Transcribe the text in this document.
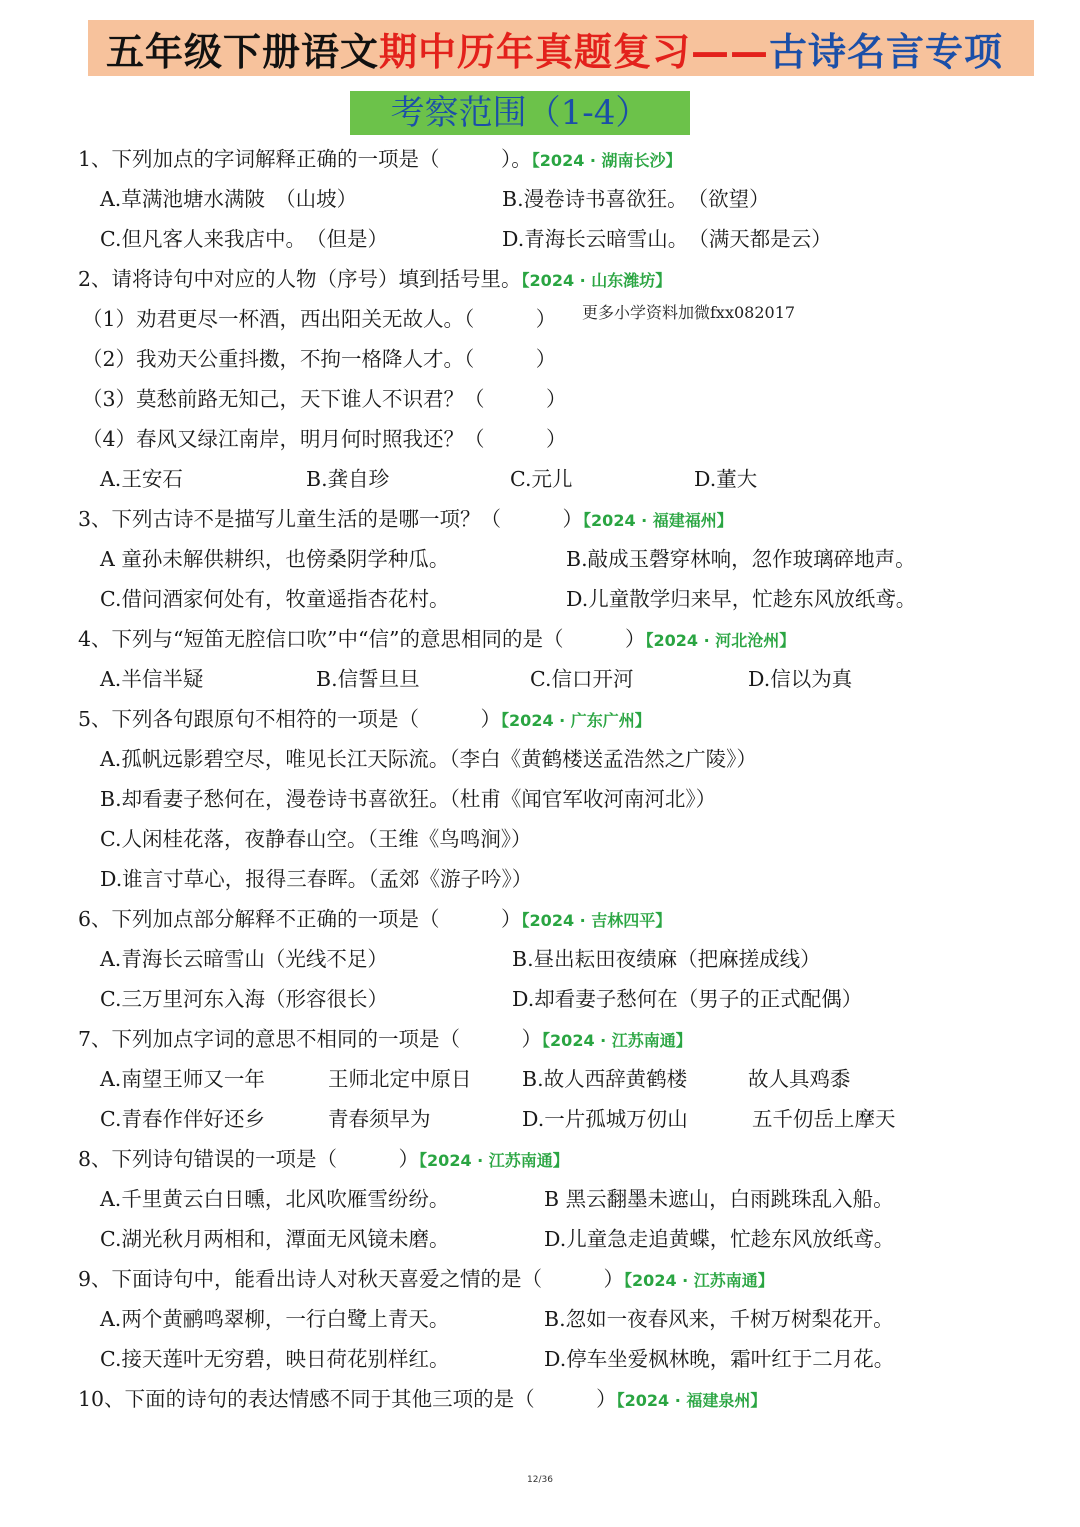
五年级下册语文 期中历年真题复习—— 古诗名言专项
考察范围（1-4）
更多小学资料加微fxx082017
1、下列加点的字词解释正确的一项是（　　　）。【2024 · 湖南长沙】
A.草满池塘水满陂　（山坡）	B.漫卷诗书喜欲狂。　（欲望）
C.但凡客人来我店中。　（但是）	D.青海长云暗雪山。　（满天都是云）
2、请将诗句中对应的人物（序号）填到括号里。【2024 · 山东潍坊】
（1）劝君更尽一杯酒，西出阳关无故人。（　　　）
（2）我劝天公重抖擞，不拘一格降人才。（　　　）
（3）莫愁前路无知己，天下谁人不识君？（　　　）
（4）春风又绿江南岸，明月何时照我还？（　　　）
A.王安石	B.龚自珍	C.元儿	D.董大
3、下列古诗不是描写儿童生活的是哪一项？（　　　）【2024 · 福建福州】
A 童孙未解供耕织，也傍桑阴学种瓜。	B.敲成玉磬穿林响，忽作玻璃碎地声。
C.借问酒家何处有，牧童遥指杏花村。	D.儿童散学归来早，忙趁东风放纸鸢。
4、下列与“短笛无腔信口吹”中“信”的意思相同的是（　　　）【2024 · 河北沧州】
A.半信半疑	B.信誓旦旦	C.信口开河	D.信以为真
5、下列各句跟原句不相符的一项是（　　　）【2024 · 广东广州】
A.孤帆远影碧空尽，唯见长江天际流。（李白《黄鹤楼送孟浩然之广陵》）
B.却看妻子愁何在，漫卷诗书喜欲狂。（杜甫《闻官军收河南河北》）
C.人闲桂花落，夜静春山空。（王维《鸟鸣涧》）
D.谁言寸草心，报得三春晖。（孟郊《游子吟》）
6、下列加点部分解释不正确的一项是（　　　）【2024 · 吉林四平】
A.青海长云暗雪山（光线不足）	B.昼出耘田夜绩麻（把麻搓成线）
C.三万里河东入海（形容很长）	D.却看妻子愁何在（男子的正式配偶）
7、下列加点字词的意思不相同的一项是（　　　）【2024 · 江苏南通】
A.南望王师又一年	王师北定中原日 B.故人西辞黄鹤楼	故人具鸡黍
C.青春作伴好还乡	青春须早为	D.一片孤城万仞山	五千仞岳上摩天
8、下列诗句错误的一项是（　　　）【2024 · 江苏南通】
A.千里黄云白日曛，北风吹雁雪纷纷。	B 黑云翻墨未遮山，白雨跳珠乱入船。
C.湖光秋月两相和，潭面无风镜未磨。	D.儿童急走追黄蝶，忙趁东风放纸鸢。
9、下面诗句中，能看出诗人对秋天喜爱之情的是（　　　）【2024 · 江苏南通】
A.两个黄鹂鸣翠柳，一行白鹭上青天。	B.忽如一夜春风来，千树万树梨花开。
C.接天莲叶无穷碧，映日荷花别样红。	D.停车坐爱枫林晚，霜叶红于二月花。
10、下面的诗句的表达情感不同于其他三项的是（　　　）【2024 · 福建泉州】
12/36
